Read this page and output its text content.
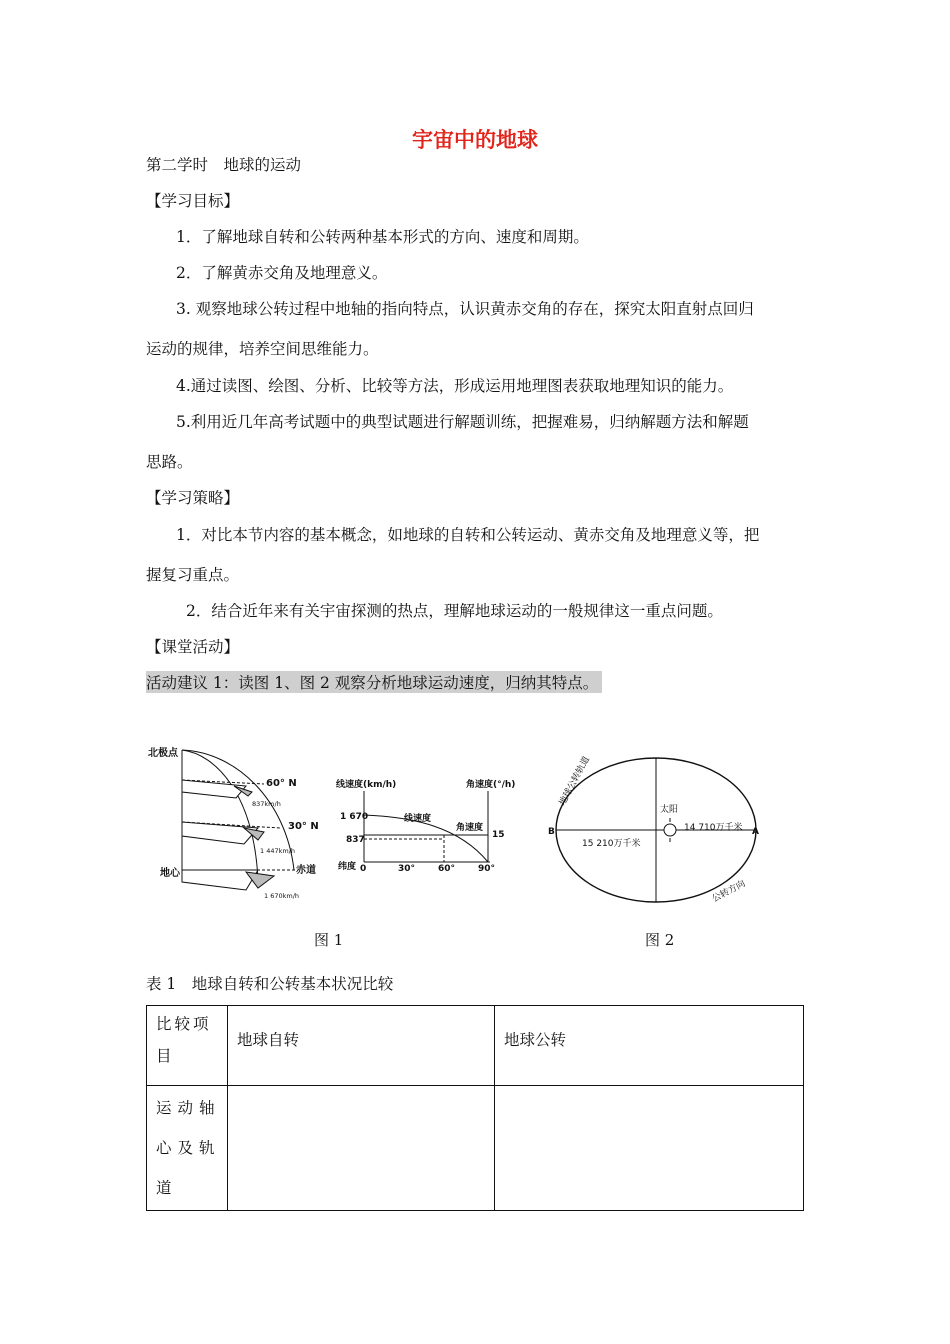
宇宙中的地球
第二学时　地球的运动
【学习目标】
1．了解地球自转和公转两种基本形式的方向、速度和周期。
2．了解黄赤交角及地理意义。
3. 观察地球公转过程中地轴的指向特点，认识黄赤交角的存在，探究太阳直射点回归
运动的规律，培养空间思维能力。
4.通过读图、绘图、分析、比较等方法，形成运用地理图表获取地理知识的能力。
5.利用近几年高考试题中的典型试题进行解题训练，把握难易，归纳解题方法和解题
思路。
【学习策略】
1．对比本节内容的基本概念，如地球的自转和公转运动、黄赤交角及地理意义等，把
握复习重点。
2．结合近年来有关宇宙探测的热点，理解地球运动的一般规律这一重点问题。
【课堂活动】
活动建议 1：读图 1、图 2 观察分析地球运动速度，归纳其特点。
北极点
地心
60° N
30° N
赤道
837km/h
1 447km/h
1 670km/h
线速度(km/h)	角速度(°/h)
1 670
837	15
线速度
角速度
纬度 0	30°	60°	90°
太阳
B	A
15 210万千米
14 710万千米
地球公转轨道
公转方向
图 1	图 2
表 1　地球自转和公转基本状况比较
比较项目	地球自转	地球公转
运动轴心及轨道		
